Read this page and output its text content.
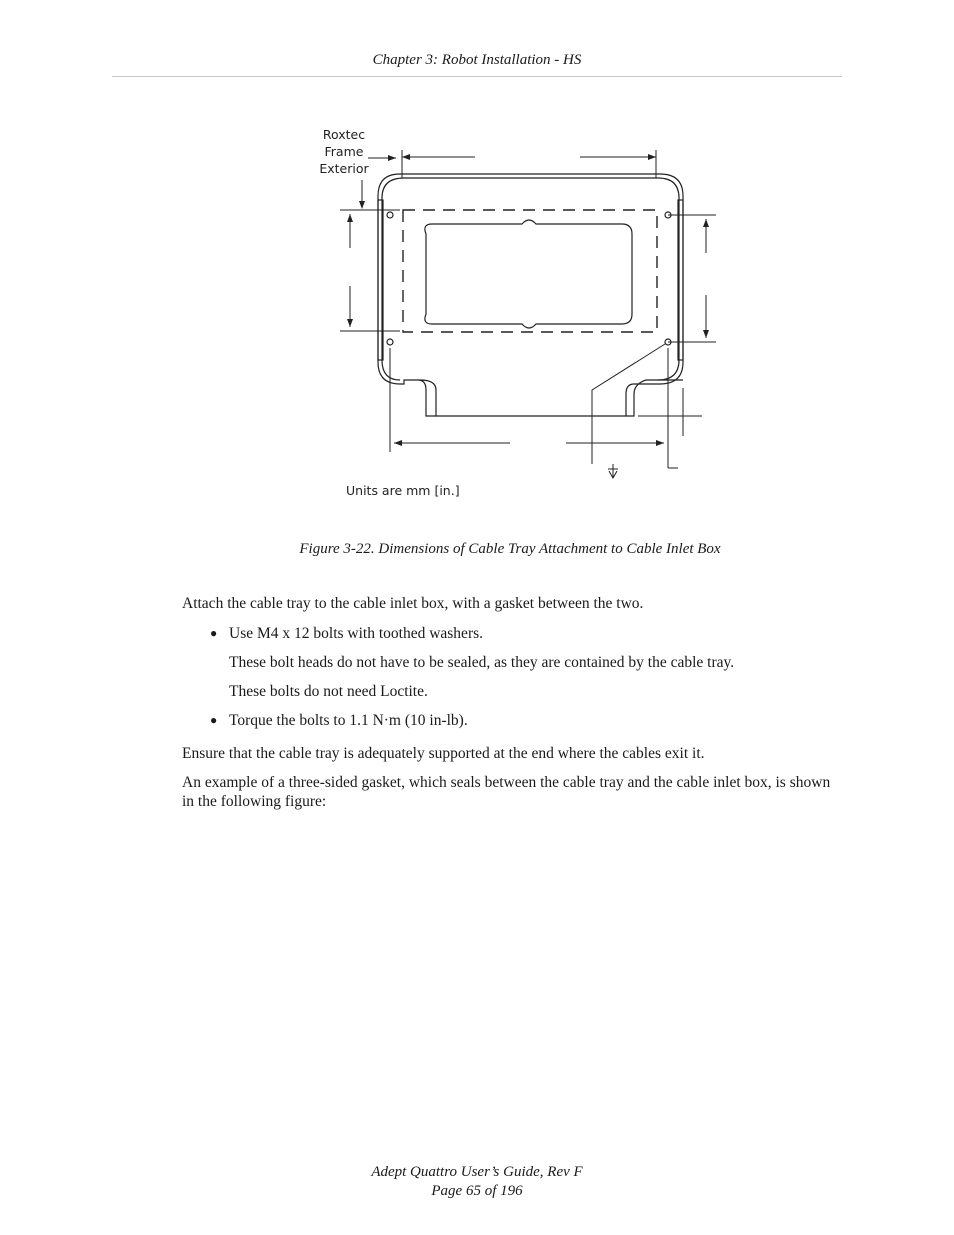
Chapter 3: Robot Installation - HS
Roxtec
Frame
Exterior
Units are mm [in.]
Figure 3-22. Dimensions of Cable Tray Attachment to Cable Inlet Box
Attach the cable tray to the cable inlet box, with a gasket between the two.
● Use M4 x 12 bolts with toothed washers.
These bolt heads do not have to be sealed, as they are contained by the cable tray.
These bolts do not need Loctite.
● Torque the bolts to 1.1 N·m (10 in-lb).
Ensure that the cable tray is adequately supported at the end where the cables exit it.
An example of a three-sided gasket, which seals between the cable tray and the cable inlet box, is shown in the following figure:
Adept Quattro User’s Guide, Rev F
Page 65 of 196
